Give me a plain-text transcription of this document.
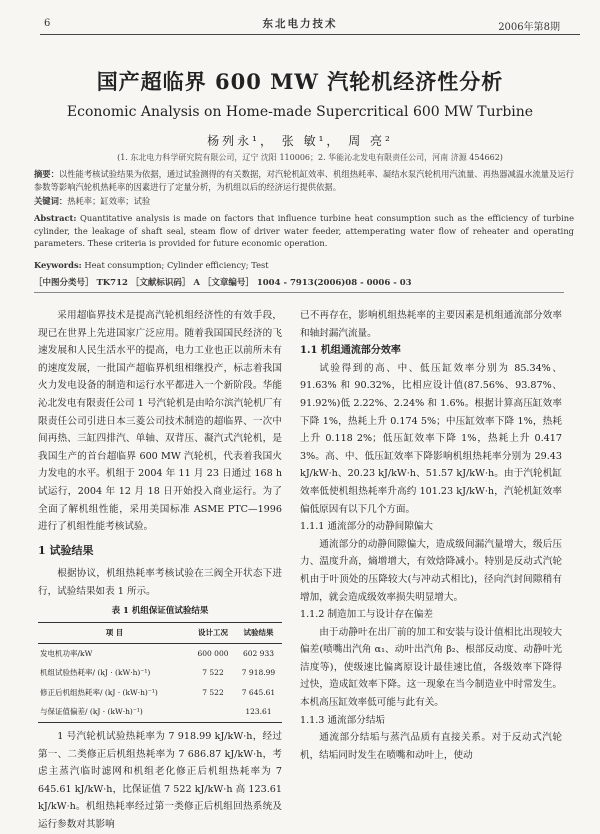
6	东北电力技术	2006年第8期
国产超临界 600 MW 汽轮机经济性分析
Economic Analysis on Home-made Supercritical 600 MW Turbine
杨列永¹， 张 敏¹， 周 亮²
(1. 东北电力科学研究院有限公司，辽宁 沈阳 110006；2. 华能沁北发电有限责任公司，河南 济源 454662)
摘要：以性能考核试验结果为依据，通过试验测得的有关数据，对汽轮机缸效率、机组热耗率、凝结水泵汽轮机用汽流量、再热器减温水流量及运行参数等影响汽轮机热耗率的因素进行了定量分析，为机组以后的经济运行提供依据。
关键词：热耗率；缸效率；试验
Abstract: Quantitative analysis is made on factors that influence turbine heat consumption such as the efficiency of turbine cylinder, the leakage of shaft seal, steam flow of driver water feeder, attemperating water flow of reheater and operating parameters. These criteria is provided for future economic operation.
Keywords: Heat consumption; Cylinder efficiency; Test
［中图分类号］ TK712 ［文献标识码］ A ［文章编号］ 1004 - 7913(2006)08 - 0006 - 03

采用超临界技术是提高汽轮机组经济性的有效手段，现已在世界上先进国家广泛应用。随着我国国民经济的飞速发展和人民生活水平的提高，电力工业也正以前所未有的速度发展，一批国产超临界机组相继投产，标志着我国火力发电设备的制造和运行水平都进入一个新阶段。华能沁北发电有限责任公司 1 号汽轮机是由哈尔滨汽轮机厂有限责任公司引进日本三菱公司技术制造的超临界、一次中间再热、三缸四排汽、单轴、双背压、凝汽式汽轮机，是我国生产的首台超临界 600 MW 汽轮机，代表着我国火力发电的水平。机组于 2004 年 11 月 23 日通过 168 h 试运行，2004 年 12 月 18 日开始投入商业运行。为了全面了解机组性能，采用美国标准 ASME PTC—1996 进行了机组性能考核试验。

1 试验结果

根据协议，机组热耗率考核试验在三阀全开状态下进行，试验结果如表 1 所示。

表 1 机组保证值试验结果
项 目	设计工况	试验结果
发电机功率/kW	600 000	602 933
机组试验热耗率/ (kJ · (kW·h)⁻¹)	7 522	7 918.99
修正后机组热耗率/ (kJ · (kW·h)⁻¹)	7 522	7 645.61
与保证值偏差/ (kJ · (kW·h)⁻¹)		123.61

1 号汽轮机试验热耗率为 7 918.99 kJ/kW·h，经过第一、二类修正后机组热耗率为 7 686.87 kJ/kW·h，考虑主蒸汽临时滤网和机组老化修正后机组热耗率为 7 645.61 kJ/kW·h，比保证值 7 522 kJ/kW·h 高 123.61 kJ/kW·h。机组热耗率经过第一类修正后机组回热系统及运行参数对其影响

已不再存在，影响机组热耗率的主要因素是机组通流部分效率和轴封漏汽流量。

1.1 机组通流部分效率

试验得到的高、中、低压缸效率分别为 85.34%、91.63% 和 90.32%，比相应设计值(87.56%、93.87%、91.92%)低 2.22%、2.24% 和 1.6%。根据计算高压缸效率下降 1%，热耗上升 0.174 5%；中压缸效率下降 1%，热耗上升 0.118 2%；低压缸效率下降 1%，热耗上升 0.417 3%。高、中、低压缸效率下降影响机组热耗率分别为 29.43 kJ/kW·h、20.23 kJ/kW·h、51.57 kJ/kW·h。由于汽轮机缸效率低使机组热耗率升高约 101.23 kJ/kW·h，汽轮机缸效率偏低原因有以下几个方面。

1.1.1 通流部分的动静间隙偏大

通流部分的动静间隙偏大，造成级间漏汽量增大，级后压力、温度升高，熵增增大，有效焓降减小。特别是反动式汽轮机由于叶顶处的压降较大(与冲动式相比)，径向汽封间隙稍有增加，就会造成级效率损失明显增大。

1.1.2 制造加工与设计存在偏差

由于动静叶在出厂前的加工和安装与设计值相比出现较大偏差(喷嘴出汽角 α₁、动叶出汽角 β₂、根部反动度、动静叶光洁度等)，使级速比偏离原设计最佳速比值，各级效率下降得过快，造成缸效率下降。这一现象在当今制造业中时常发生。本机高压缸效率低可能与此有关。

1.1.3 通流部分结垢

通流部分结垢与蒸汽品质有直接关系。对于反动式汽轮机，结垢同时发生在喷嘴和动叶上，使动
